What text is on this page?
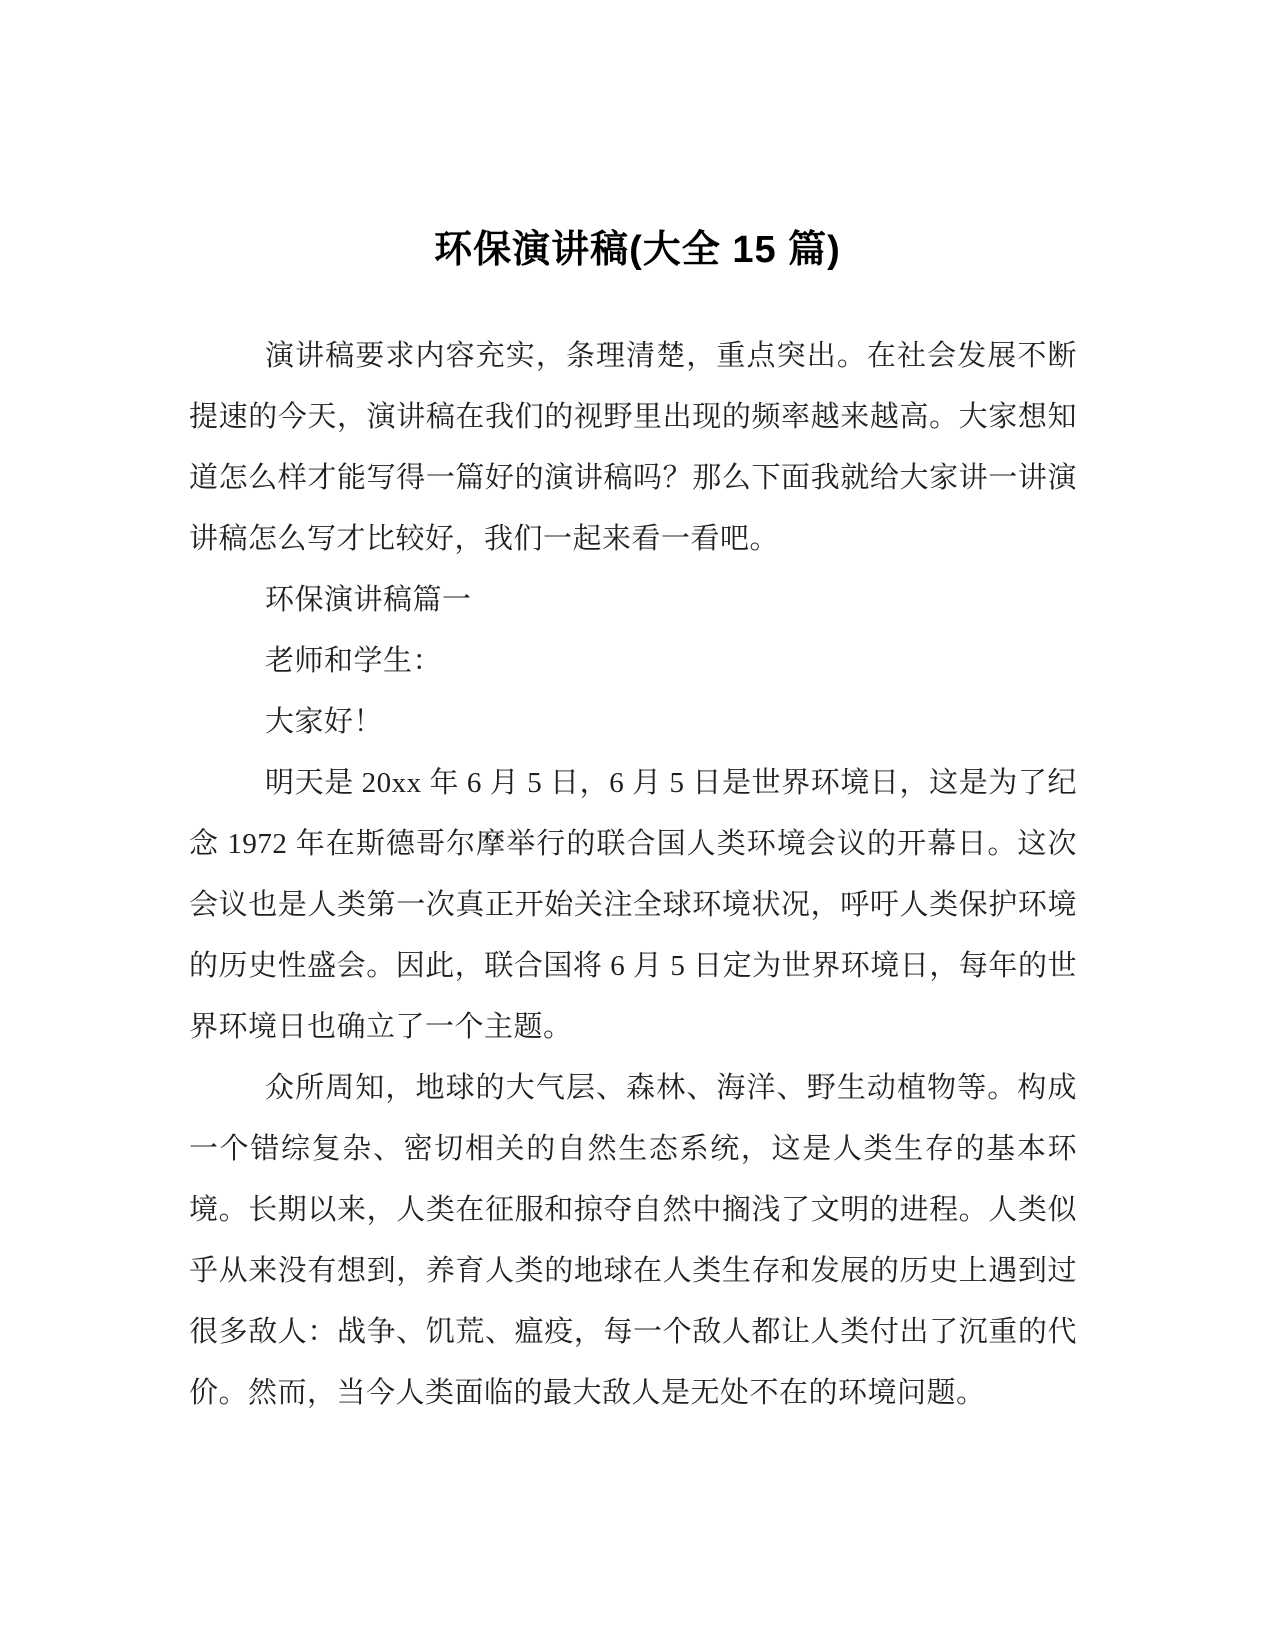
环保演讲稿(大全 15 篇)

演讲稿要求内容充实，条理清楚，重点突出。在社会发展不断提速的今天，演讲稿在我们的视野里出现的频率越来越高。大家想知道怎么样才能写得一篇好的演讲稿吗？那么下面我就给大家讲一讲演讲稿怎么写才比较好，我们一起来看一看吧。

环保演讲稿篇一

老师和学生：

大家好！

明天是 20xx 年 6 月 5 日，6 月 5 日是世界环境日，这是为了纪念 1972 年在斯德哥尔摩举行的联合国人类环境会议的开幕日。这次会议也是人类第一次真正开始关注全球环境状况，呼吁人类保护环境的历史性盛会。因此，联合国将 6 月 5 日定为世界环境日，每年的世界环境日也确立了一个主题。

众所周知，地球的大气层、森林、海洋、野生动植物等。构成一个错综复杂、密切相关的自然生态系统，这是人类生存的基本环境。长期以来，人类在征服和掠夺自然中搁浅了文明的进程。人类似乎从来没有想到，养育人类的地球在人类生存和发展的历史上遇到过很多敌人：战争、饥荒、瘟疫，每一个敌人都让人类付出了沉重的代价。然而，当今人类面临的最大敌人是无处不在的环境问题。
